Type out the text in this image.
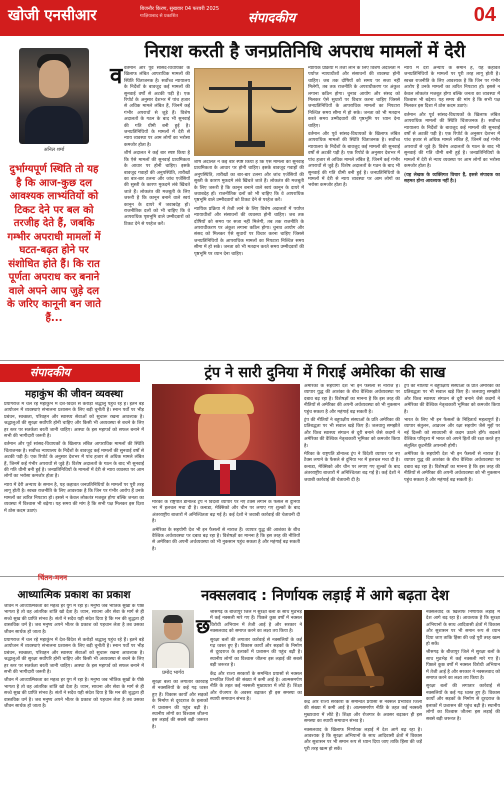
खोजी एनसीआर	बिजनौर किरण, सुखवार 04 फरवरी 2025
गाज़ियाबाद से प्रकाशित	संपादकीय	04
निराश करती है जनप्रतिनिधि अपराध मामलों में देरी
अनिल शर्मा
दुर्भाग्यपूर्ण स्थिति तो यह है कि आज-कुछ दल आवश्यक लाभ्यंतियों को टिकट देने पर बल को तरजीह देते हैं, जबकि गम्भीर अपराधी मामलों में घटत-बढ़त होने पर संशोधित होते हैं। कि रात पूर्णता अपराध कर बनाने वाले अपने आप जुड़े दल के जरिए कानूनी बन जाते हैं...
व वर्तमान और पूर्व सांसद-विधायकों के खिलाफ लंबित आपराधिक मामलों की स्थिति चिंताजनक है। सर्वोच्च न्यायालय के निर्देशों के बावजूद कई मामलों की सुनवाई वर्षों से अटकी पड़ी है। एक रिपोर्ट के अनुसार देशभर में पांच हजार से अधिक मामले लंबित हैं, जिनमें कई गंभीर अपराधों से जुड़े हैं। विशेष अदालतों के गठन के बाद भी सुनवाई की गति धीमी बनी हुई है। जनप्रतिनिधियों के मामलों में देरी से न्याय व्यवस्था पर आम लोगों का भरोसा कमजोर होता है।

शीर्ष अदालत ने कई बार स्पष्ट किया है कि ऐसे मामलों की सुनवाई प्राथमिकता के आधार पर होनी चाहिए। इसके बावजूद गवाहों की अनुपस्थिति, तारीखों का बार-बार टलना और जांच एजेंसियों की सुस्ती के कारण मुकदमे लंबे खिंचते जाते हैं। लोकतंत्र की मजबूती के लिए जरूरी है कि कानून बनाने वाले स्वयं कानून के दायरे में जवाबदेह हों। राजनीतिक दलों को भी चाहिए कि वे आपराधिक पृष्ठभूमि वाले उम्मीदवारों को टिकट देने से परहेज करें।

शीर्ष अदालत ने कई बार स्पष्ट किया है कि ऐसे मामलों की सुनवाई प्राथमिकता के आधार पर होनी चाहिए। इसके बावजूद गवाहों की अनुपस्थिति, तारीखों का बार-बार टलना और जांच एजेंसियों की सुस्ती के कारण मुकदमे लंबे खिंचते जाते हैं। लोकतंत्र की मजबूती के लिए जरूरी है कि कानून बनाने वाले स्वयं कानून के दायरे में जवाबदेह हों। राजनीतिक दलों को भी चाहिए कि वे आपराधिक पृष्ठभूमि वाले उम्मीदवारों को टिकट देने से परहेज करें।

न्यायिक प्रक्रिया में तेजी लाने के लिए विशेष अदालतों में पर्याप्त न्यायाधीशों और संसाधनों की व्यवस्था होनी चाहिए। जब तक दोषियों को समय पर सजा नहीं मिलेगी, तब तक राजनीति के अपराधीकरण पर अंकुश लगाना कठिन होगा। चुनाव आयोग और संसद को मिलकर ऐसे सुधारों पर विचार करना चाहिए जिससे जनप्रतिनिधियों के आपराधिक मामलों का निपटारा निश्चित समय सीमा में हो सके। जनता को भी मतदान करते समय उम्मीदवारों की पृष्ठभूमि पर ध्यान देना चाहिए।

न्यायिक प्रक्रिया में तेजी लाने के लिए विशेष अदालतों में पर्याप्त न्यायाधीशों और संसाधनों की व्यवस्था होनी चाहिए। जब तक दोषियों को समय पर सजा नहीं मिलेगी, तब तक राजनीति के अपराधीकरण पर अंकुश लगाना कठिन होगा। चुनाव आयोग और संसद को मिलकर ऐसे सुधारों पर विचार करना चाहिए जिससे जनप्रतिनिधियों के आपराधिक मामलों का निपटारा निश्चित समय सीमा में हो सके। जनता को भी मतदान करते समय उम्मीदवारों की पृष्ठभूमि पर ध्यान देना चाहिए।

वर्तमान और पूर्व सांसद-विधायकों के खिलाफ लंबित आपराधिक मामलों की स्थिति चिंताजनक है। सर्वोच्च न्यायालय के निर्देशों के बावजूद कई मामलों की सुनवाई वर्षों से अटकी पड़ी है। एक रिपोर्ट के अनुसार देशभर में पांच हजार से अधिक मामले लंबित हैं, जिनमें कई गंभीर अपराधों से जुड़े हैं। विशेष अदालतों के गठन के बाद भी सुनवाई की गति धीमी बनी हुई है। जनप्रतिनिधियों के मामलों में देरी से न्याय व्यवस्था पर आम लोगों का भरोसा कमजोर होता है।

न्याय में देरी अन्याय के समान है, यह कहावत जनप्रतिनिधियों के मामलों पर पूरी तरह लागू होती है। स्वच्छ राजनीति के लिए आवश्यक है कि जिन पर गंभीर आरोप हैं उनके मामलों का त्वरित निपटारा हो। इससे न केवल लोकतंत्र मजबूत होगा बल्कि जनता का व्यवस्था में विश्वास भी बढ़ेगा। यह समय की मांग है कि सभी पक्ष मिलकर इस दिशा में ठोस कदम उठाएं।

वर्तमान और पूर्व सांसद-विधायकों के खिलाफ लंबित आपराधिक मामलों की स्थिति चिंताजनक है। सर्वोच्च न्यायालय के निर्देशों के बावजूद कई मामलों की सुनवाई वर्षों से अटकी पड़ी है। एक रिपोर्ट के अनुसार देशभर में पांच हजार से अधिक मामले लंबित हैं, जिनमें कई गंभीर अपराधों से जुड़े हैं। विशेष अदालतों के गठन के बाद भी सुनवाई की गति धीमी बनी हुई है। जनप्रतिनिधियों के मामलों में देरी से न्याय व्यवस्था पर आम लोगों का भरोसा कमजोर होता है।

(यह लेखक के व्यक्तिगत विचार हैं, इससे संपादक का सहमत होना आवश्यक नहीं है।)

संपादकीय
महाकुंभ की जीवन व्यवस्था

प्रयागराज में चल रहे महाकुंभ में देश-विदेश से करोड़ों श्रद्धालु पहुंच रहे हैं। इतने बड़े आयोजन में व्यवस्थाएं संभालना प्रशासन के लिए बड़ी चुनौती है। स्नान पर्वों पर भीड़ प्रबंधन, स्वच्छता, परिवहन और स्वास्थ्य सेवाओं को सुचारू रखना आवश्यक है। श्रद्धालुओं की सुरक्षा सर्वोपरि होनी चाहिए और किसी भी अव्यवस्था से बचने के लिए हर स्तर पर सतर्कता बरती जानी चाहिए। आस्था के इस महापर्व को सफल बनाने में सभी की भागीदारी जरूरी है।

वर्तमान और पूर्व सांसद-विधायकों के खिलाफ लंबित आपराधिक मामलों की स्थिति चिंताजनक है। सर्वोच्च न्यायालय के निर्देशों के बावजूद कई मामलों की सुनवाई वर्षों से अटकी पड़ी है। एक रिपोर्ट के अनुसार देशभर में पांच हजार से अधिक मामले लंबित हैं, जिनमें कई गंभीर अपराधों से जुड़े हैं। विशेष अदालतों के गठन के बाद भी सुनवाई की गति धीमी बनी हुई है। जनप्रतिनिधियों के मामलों में देरी से न्याय व्यवस्था पर आम लोगों का भरोसा कमजोर होता है।

न्याय में देरी अन्याय के समान है, यह कहावत जनप्रतिनिधियों के मामलों पर पूरी तरह लागू होती है। स्वच्छ राजनीति के लिए आवश्यक है कि जिन पर गंभीर आरोप हैं उनके मामलों का त्वरित निपटारा हो। इससे न केवल लोकतंत्र मजबूत होगा बल्कि जनता का व्यवस्था में विश्वास भी बढ़ेगा। यह समय की मांग है कि सभी पक्ष मिलकर इस दिशा में ठोस कदम उठाएं।

ट्रंप ने सारी दुनिया में गिराई अमेरिका की साख

मेरिका के राष्ट्रपति डोनाल्ड ट्रंप ने विदेशी व्यापार पर नए टैक्स लगाने के फैसले से दुनिया भर में हलचल मचा दी है। कनाडा, मेक्सिको और चीन पर लगाए गए शुल्कों के बाद अंतरराष्ट्रीय बाजारों में अनिश्चितता बढ़ गई है। कई देशों ने जवाबी कार्रवाई की चेतावनी दी है।

अमेरिका के सहयोगी देश भी इन फैसलों से नाराज हैं। व्यापार युद्ध की आशंका के बीच वैश्विक अर्थव्यवस्था पर दबाव बढ़ रहा है। विशेषज्ञों का मानना है कि इस तरह की नीतियों से अमेरिका की अपनी अर्थव्यवस्था को भी नुकसान पहुंच सकता है और महंगाई बढ़ सकती है।

अमेरिका के सहयोगी देश भी इन फैसलों से नाराज हैं। व्यापार युद्ध की आशंका के बीच वैश्विक अर्थव्यवस्था पर दबाव बढ़ रहा है। विशेषज्ञों का मानना है कि इस तरह की नीतियों से अमेरिका की अपनी अर्थव्यवस्था को भी नुकसान पहुंच सकता है और महंगाई बढ़ सकती है।

ट्रंप की नीतियों ने बहुपक्षीय संस्थाओं के प्रति अमेरिका की प्रतिबद्धता पर भी सवाल खड़े किए हैं। जलवायु समझौते और विश्व स्वास्थ्य संगठन से दूरी बनाने जैसे कदमों ने अमेरिका की वैश्विक नेतृत्वकारी भूमिका को कमजोर किया है।

मेरिका के राष्ट्रपति डोनाल्ड ट्रंप ने विदेशी व्यापार पर नए टैक्स लगाने के फैसले से दुनिया भर में हलचल मचा दी है। कनाडा, मेक्सिको और चीन पर लगाए गए शुल्कों के बाद अंतरराष्ट्रीय बाजारों में अनिश्चितता बढ़ गई है। कई देशों ने जवाबी कार्रवाई की चेतावनी दी है।

ट्रंप की नीतियों ने बहुपक्षीय संस्थाओं के प्रति अमेरिका की प्रतिबद्धता पर भी सवाल खड़े किए हैं। जलवायु समझौते और विश्व स्वास्थ्य संगठन से दूरी बनाने जैसे कदमों ने अमेरिका की वैश्विक नेतृत्वकारी भूमिका को कमजोर किया है।

भारत के लिए भी इन फैसलों के निहितार्थ महत्वपूर्ण हैं। व्यापार संतुलन, आव्रजन और रक्षा सहयोग जैसे मुद्दों पर नई दिल्ली को सावधानी से कदम उठाने होंगे। बदलते वैश्विक परिदृश्य में भारत को अपने हितों की रक्षा करते हुए संतुलित कूटनीति अपनानी होगी।

अमेरिका के सहयोगी देश भी इन फैसलों से नाराज हैं। व्यापार युद्ध की आशंका के बीच वैश्विक अर्थव्यवस्था पर दबाव बढ़ रहा है। विशेषज्ञों का मानना है कि इस तरह की नीतियों से अमेरिका की अपनी अर्थव्यवस्था को भी नुकसान पहुंच सकता है और महंगाई बढ़ सकती है।

चिंतन-मनन
आध्यात्मिक प्रकाश का प्रकाश

जीवन में आध्यात्मिकता का महत्व हर युग में रहा है। मनुष्य जब भौतिक सुखों के पीछे भागता है तो वह आंतरिक शांति खो देता है। ध्यान, साधना और सेवा के मार्ग से ही सच्चे सुख की प्राप्ति संभव है। संतों ने सदैव यही संदेश दिया है कि मन की शुद्धता ही वास्तविक धर्म है। जब मनुष्य अपने भीतर के प्रकाश को पहचान लेता है तब उसका जीवन सार्थक हो जाता है।

प्रयागराज में चल रहे महाकुंभ में देश-विदेश से करोड़ों श्रद्धालु पहुंच रहे हैं। इतने बड़े आयोजन में व्यवस्थाएं संभालना प्रशासन के लिए बड़ी चुनौती है। स्नान पर्वों पर भीड़ प्रबंधन, स्वच्छता, परिवहन और स्वास्थ्य सेवाओं को सुचारू रखना आवश्यक है। श्रद्धालुओं की सुरक्षा सर्वोपरि होनी चाहिए और किसी भी अव्यवस्था से बचने के लिए हर स्तर पर सतर्कता बरती जानी चाहिए। आस्था के इस महापर्व को सफल बनाने में सभी की भागीदारी जरूरी है।

जीवन में आध्यात्मिकता का महत्व हर युग में रहा है। मनुष्य जब भौतिक सुखों के पीछे भागता है तो वह आंतरिक शांति खो देता है। ध्यान, साधना और सेवा के मार्ग से ही सच्चे सुख की प्राप्ति संभव है। संतों ने सदैव यही संदेश दिया है कि मन की शुद्धता ही वास्तविक धर्म है। जब मनुष्य अपने भीतर के प्रकाश को पहचान लेता है तब उसका जीवन सार्थक हो जाता है।

नक्सलवाद : निर्णायक लड़ाई में आगे बढ़ता देश
प्रमोद भार्गव
छ

त्तीसगढ़ के बीजापुर जिले में सुरक्षा बलों के साथ मुठभेड़ में कई नक्सली मारे गए हैं। पिछले कुछ वर्षों में नक्सल विरोधी अभियान में तेजी आई है और सरकार ने नक्सलवाद को समाप्त करने का लक्ष्य तय किया है।

सुरक्षा बलों की लगातार कार्रवाई से नक्सलियों के कई गढ़ ध्वस्त हुए हैं। विकास कार्यों और सड़कों के निर्माण से दूरदराज के इलाकों में प्रशासन की पहुंच बढ़ी है। स्थानीय लोगों का विश्वास जीतना इस लड़ाई की सबसे बड़ी जरूरत है।

केंद्र और राज्य सरकारों के समन्वित प्रयासों से नक्सल प्रभावित जिलों की संख्या में कमी आई है। आत्मसमर्पण नीति के तहत कई नक्सली मुख्यधारा में लौटे हैं। शिक्षा और रोजगार के अवसर बढ़ाकर ही इस समस्या का स्थायी समाधान संभव है।

सुरक्षा बलों की लगातार कार्रवाई से नक्सलियों के कई गढ़ ध्वस्त हुए हैं। विकास कार्यों और सड़कों के निर्माण से दूरदराज के इलाकों में प्रशासन की पहुंच बढ़ी है। स्थानीय लोगों का विश्वास जीतना इस लड़ाई की सबसे बड़ी जरूरत है।

केंद्र और राज्य सरकारों के समन्वित प्रयासों से नक्सल प्रभावित जिलों की संख्या में कमी आई है। आत्मसमर्पण नीति के तहत कई नक्सली मुख्यधारा में लौटे हैं। शिक्षा और रोजगार के अवसर बढ़ाकर ही इस समस्या का स्थायी समाधान संभव है।

नक्सलवाद के खिलाफ निर्णायक लड़ाई में देश आगे बढ़ रहा है। आवश्यक है कि सुरक्षा अभियानों के साथ आदिवासी क्षेत्रों में विकास और सुशासन पर भी समान रूप से ध्यान दिया जाए ताकि हिंसा की जड़ें पूरी तरह खत्म हो सकें।

नक्सलवाद के खिलाफ निर्णायक लड़ाई में देश आगे बढ़ रहा है। आवश्यक है कि सुरक्षा अभियानों के साथ आदिवासी क्षेत्रों में विकास और सुशासन पर भी समान रूप से ध्यान दिया जाए ताकि हिंसा की जड़ें पूरी तरह खत्म हो सकें।

त्तीसगढ़ के बीजापुर जिले में सुरक्षा बलों के साथ मुठभेड़ में कई नक्सली मारे गए हैं। पिछले कुछ वर्षों में नक्सल विरोधी अभियान में तेजी आई है और सरकार ने नक्सलवाद को समाप्त करने का लक्ष्य तय किया है।

सुरक्षा बलों की लगातार कार्रवाई से नक्सलियों के कई गढ़ ध्वस्त हुए हैं। विकास कार्यों और सड़कों के निर्माण से दूरदराज के इलाकों में प्रशासन की पहुंच बढ़ी है। स्थानीय लोगों का विश्वास जीतना इस लड़ाई की सबसे बड़ी जरूरत है।
